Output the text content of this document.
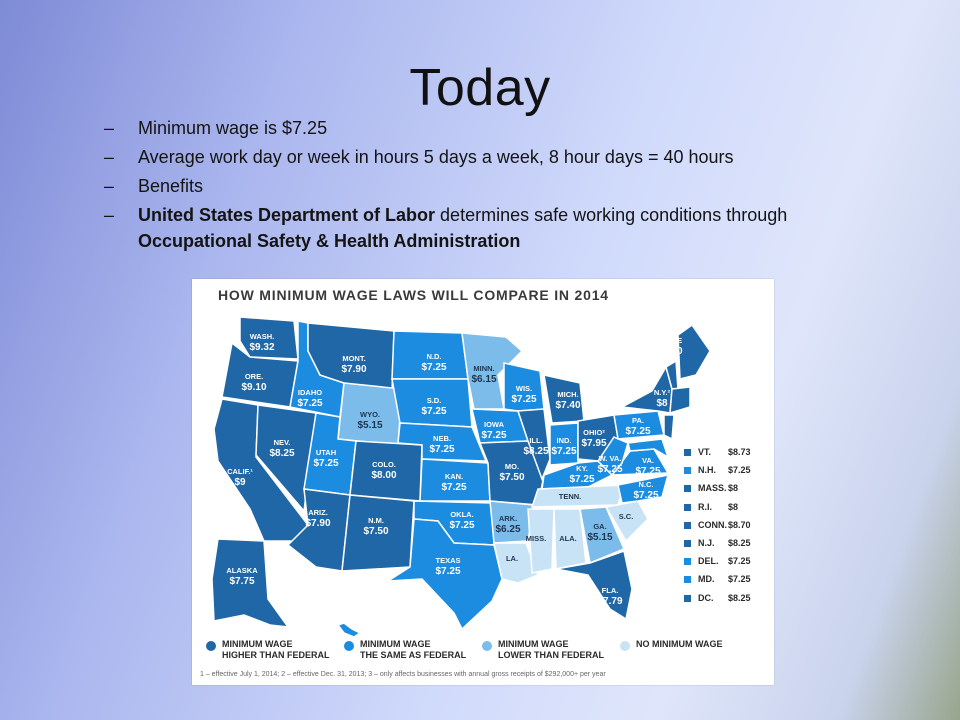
Today
– Minimum wage is $7.25
– Average work day or week in hours 5 days a week, 8 hour days = 40 hours
– Benefits
– United States Department of Labor determines safe working conditions through Occupational Safety & Health Administration
HOW MINIMUM WAGE LAWS WILL COMPARE IN 2014
WASH.
$9.32
ORE.
$9.10
CALIF.¹
$9
NEV.
$8.25
IDAHO
$7.25
MONT.
$7.90
WYO.
$5.15
UTAH
$7.25	COLO.
$8.00
ARIZ.
$7.90	N.M.
$7.50
N.D.
$7.25
S.D.
$7.25
NEB.
$7.25
KAN.
$7.25
OKLA.
$7.25
TEXAS
$7.25
MINN.
$6.15
IOWA
$7.25
MO.
$7.50
ARK.
$6.25
LA.
WIS.
$7.25
ILL.
$8.25
MICH.
$7.40
IND.
$7.25
OHIO²
$7.95
KY.
$7.25
TENN.
MISS. ALA.
GA.
$5.15
FLA.
$7.79
S.C.
N.C.
$7.25
VA.
$7.25
W. VA.
$7.25
PA.
$7.25
N.Y.²
$8
MAINE
$7.50
ALASKA
$7.75
HAWAII
$7.25
VT. $8.73
N.H. $7.25
MASS. $8
R.I. $8
CONN. $8.70
N.J. $8.25
DEL. $7.25
MD. $7.25
DC. $8.25
MINIMUM WAGE
HIGHER THAN FEDERAL
MINIMUM WAGE
THE SAME AS FEDERAL
MINIMUM WAGE
LOWER THAN FEDERAL
NO MINIMUM WAGE
1 – effective July 1, 2014; 2 – effective Dec. 31, 2013; 3 – only affects businesses with annual gross receipts of $292,000+ per year
